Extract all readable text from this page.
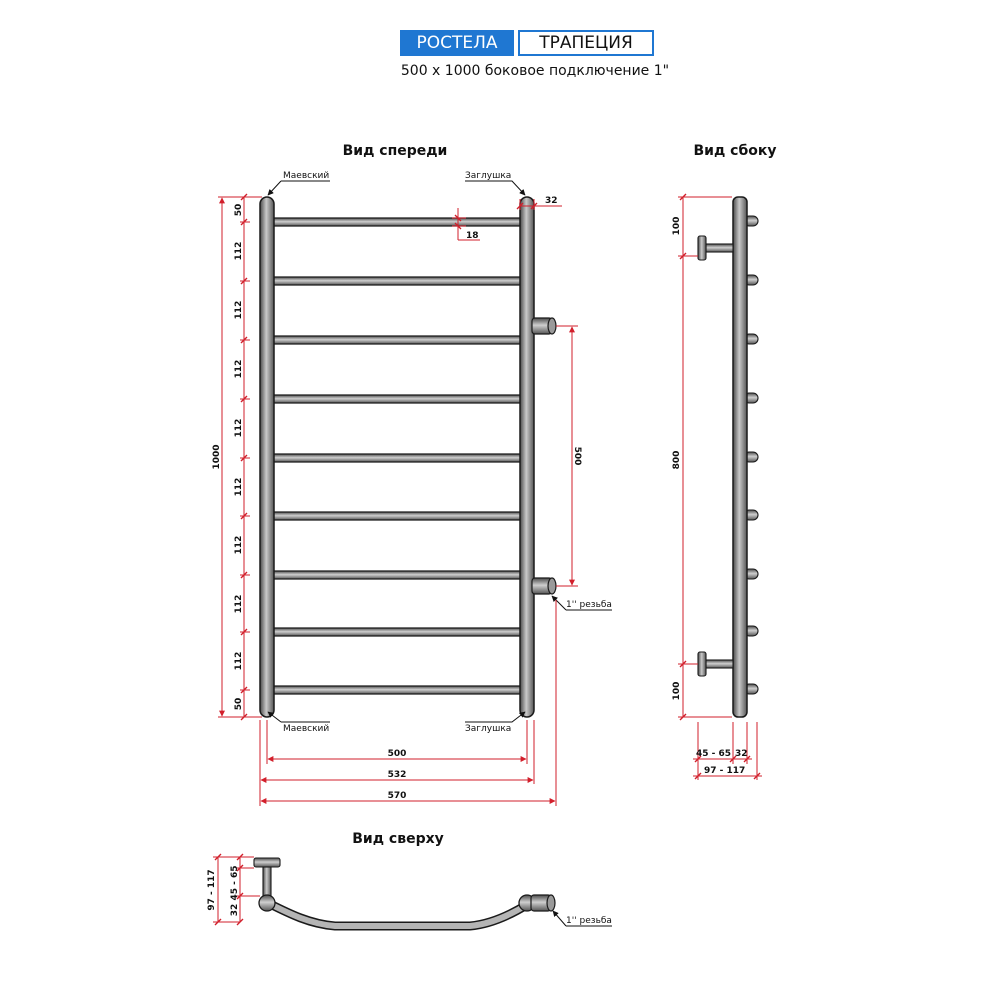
РОСТЕЛА	ТРАПЕЦИЯ
500 x 1000 боковое подключение 1"
Вид спереди
Маевский	Заглушка
Маевский	Заглушка
1'' резьба
1000
50
112
112
112
112
112
112
112
112
50
500
32
18
500
532
570
Вид сбоку
100
800
100
45 - 65 32
97 - 117
Вид сверху
1'' резьба
97 - 117 45 - 65
32
